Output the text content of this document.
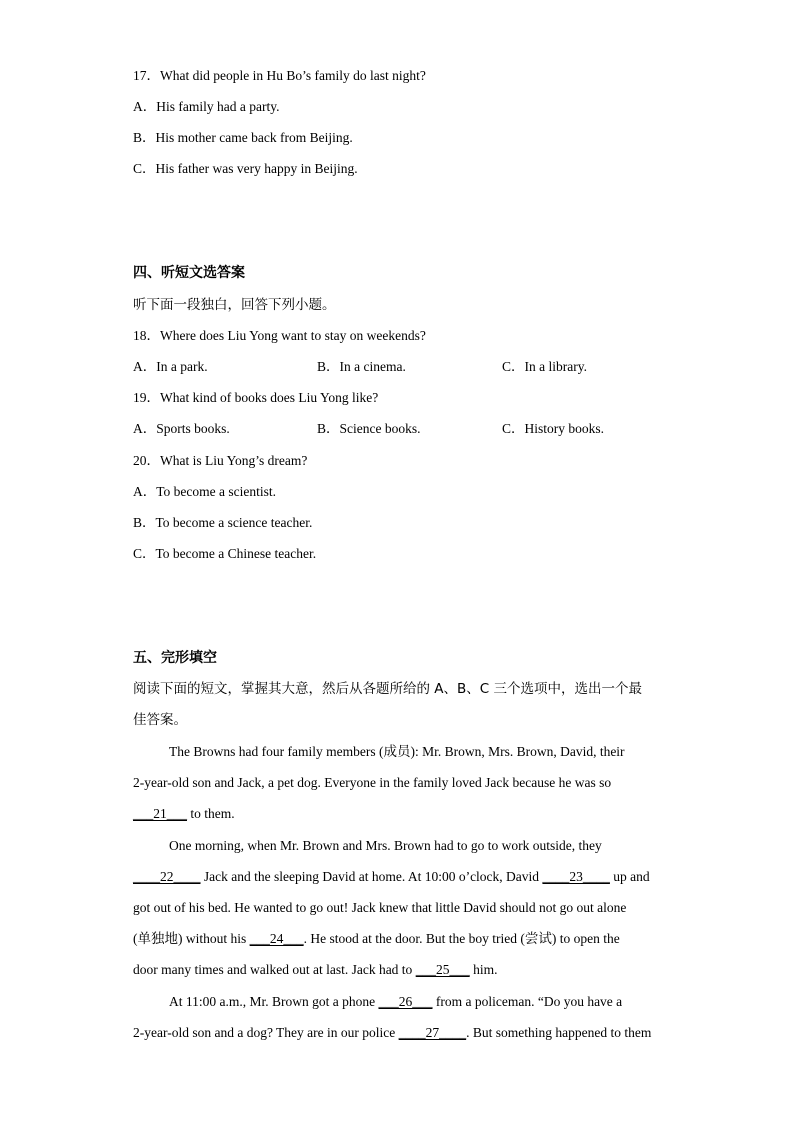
17．What did people in Hu Bo’s family do last night?
A．His family had a party.
B．His mother came back from Beijing.
C．His father was very happy in Beijing.
四、听短文选答案
听下面一段独白，回答下列小题。
18．Where does Liu Yong want to stay on weekends?
A．In a park.	B．In a cinema.	C．In a library.
19．What kind of books does Liu Yong like?
A．Sports books.	B．Science books.	C．History books.
20．What is Liu Yong’s dream?
A．To become a scientist.
B．To become a science teacher.
C．To become a Chinese teacher.
五、完形填空
阅读下面的短文，掌握其大意，然后从各题所给的 A、B、C 三个选项中，选出一个最
佳答案。
The Browns had four family members (成员): Mr. Brown, Mrs. Brown, David, their
2-year-old son and Jack, a pet dog. Everyone in the family loved Jack because he was so
___21___ to them.
One morning, when Mr. Brown and Mrs. Brown had to go to work outside, they
____22____ Jack and the sleeping David at home. At 10:00 o’clock, David ____23____ up and
got out of his bed. He wanted to go out! Jack knew that little David should not go out alone
(单独地) without his ___24___. He stood at the door. But the boy tried (尝试) to open the
door many times and walked out at last. Jack had to ___25___ him.
At 11:00 a.m., Mr. Brown got a phone ___26___ from a policeman. “Do you have a
2-year-old son and a dog? They are in our police ____27____. But something happened to them
